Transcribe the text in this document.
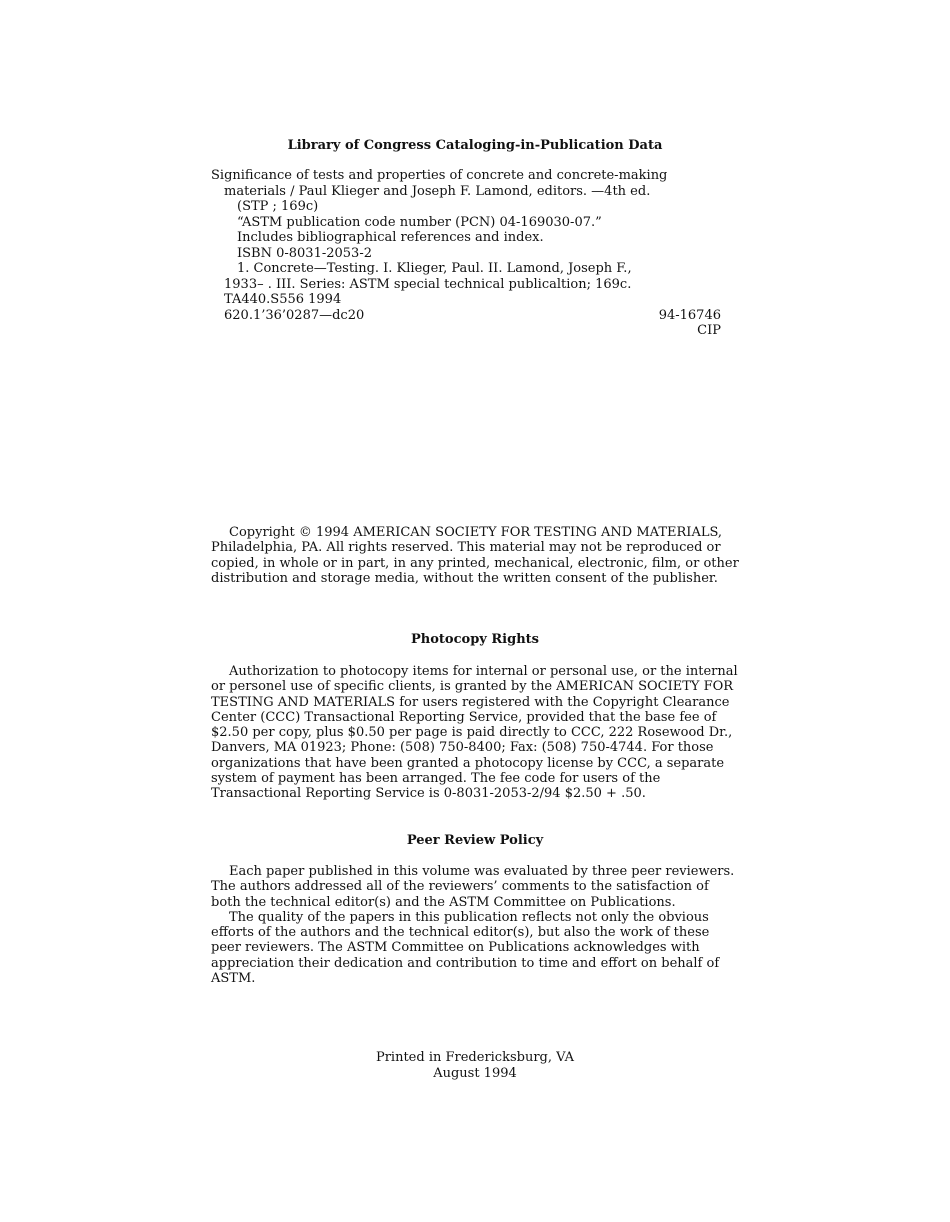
Library of Congress Cataloging-in-Publication Data
Significance of tests and properties of concrete and concrete-making
materials / Paul Klieger and Joseph F. Lamond, editors. —4th ed.
(STP ; 169c)
“ASTM publication code number (PCN) 04-169030-07.”
Includes bibliographical references and index.
ISBN 0-8031-2053-2
1. Concrete—Testing. I. Klieger, Paul. II. Lamond, Joseph F.,
1933– . III. Series: ASTM special technical publicaltion; 169c.
TA440.S556 1994
620.1’36’0287—dc20	94-16746
CIP

Copyright © 1994 AMERICAN SOCIETY FOR TESTING AND MATERIALS, Philadelphia, PA. All rights reserved. This material may not be reproduced or copied, in whole or in part, in any printed, mechanical, electronic, film, or other distribution and storage media, without the written consent of the publisher.

Photocopy Rights

Authorization to photocopy items for internal or personal use, or the internal or personel use of specific clients, is granted by the AMERICAN SOCIETY FOR TESTING AND MATERIALS for users registered with the Copyright Clearance Center (CCC) Transactional Reporting Service, provided that the base fee of $2.50 per copy, plus $0.50 per page is paid directly to CCC, 222 Rosewood Dr., Danvers, MA 01923; Phone: (508) 750-8400; Fax: (508) 750-4744. For those organizations that have been granted a photocopy license by CCC, a separate system of payment has been arranged. The fee code for users of the Transactional Reporting Service is 0-8031-2053-2/94 $2.50 + .50.

Peer Review Policy

Each paper published in this volume was evaluated by three peer reviewers. The authors addressed all of the reviewers’ comments to the satisfaction of both the technical editor(s) and the ASTM Committee on Publications.

The quality of the papers in this publication reflects not only the obvious efforts of the authors and the technical editor(s), but also the work of these peer reviewers. The ASTM Committee on Publications acknowledges with appreciation their dedication and contribution to time and effort on behalf of ASTM.

Printed in Fredericksburg, VA
August 1994
